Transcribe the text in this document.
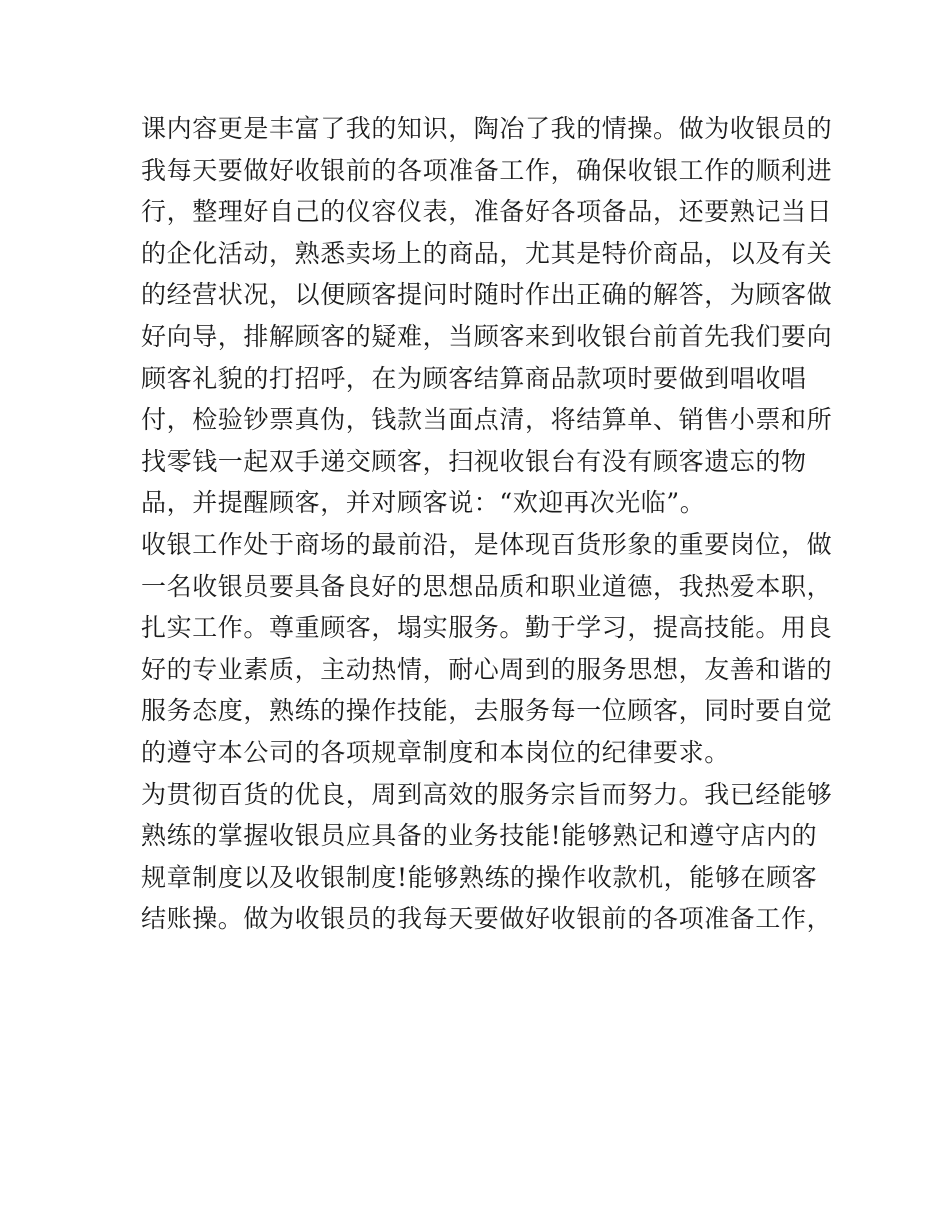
课内容更是丰富了我的知识，陶冶了我的情操。做为收银员的
我每天要做好收银前的各项准备工作，确保收银工作的顺利进
行，整理好自己的仪容仪表，准备好各项备品，还要熟记当日
的企化活动，熟悉卖场上的商品，尤其是特价商品，以及有关
的经营状况，以便顾客提问时随时作出正确的解答，为顾客做
好向导，排解顾客的疑难，当顾客来到收银台前首先我们要向
顾客礼貌的打招呼，在为顾客结算商品款项时要做到唱收唱
付，检验钞票真伪，钱款当面点清，将结算单、销售小票和所
找零钱一起双手递交顾客，扫视收银台有没有顾客遗忘的物
品，并提醒顾客，并对顾客说：“欢迎再次光临”。
收银工作处于商场的最前沿，是体现百货形象的重要岗位，做
一名收银员要具备良好的思想品质和职业道德，我热爱本职，
扎实工作。尊重顾客，塌实服务。勤于学习，提高技能。用良
好的专业素质，主动热情，耐心周到的服务思想，友善和谐的
服务态度，熟练的操作技能，去服务每一位顾客，同时要自觉
的遵守本公司的各项规章制度和本岗位的纪律要求。
为贯彻百货的优良，周到高效的服务宗旨而努力。我已经能够
熟练的掌握收银员应具备的业务技能!能够熟记和遵守店内的
规章制度以及收银制度!能够熟练的操作收款机，能够在顾客
结账操。做为收银员的我每天要做好收银前的各项准备工作，
